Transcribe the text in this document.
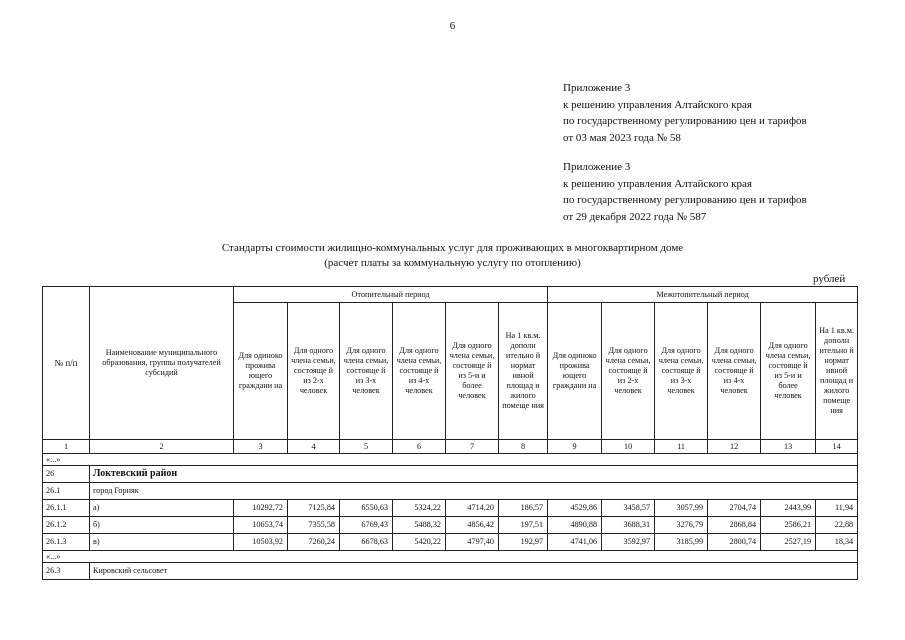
6
Приложение 3
к решению управления Алтайского края
по государственному регулированию цен и тарифов
от 03 мая 2023 года № 58
Приложение 3
к решению управления Алтайского края
по государственному регулированию цен и тарифов
от 29 декабря 2022 года № 587
Стандарты стоимости жилищно-коммунальных услуг для проживающих в многоквартирном доме
(расчет платы за коммунальную услугу по отоплению)
рублей
№ п/п	Наименование муниципального образования, группы получателей субсидий	Отопительный период						Межотопительный период					
		Для одиноко прожива ющего граждани на	Для одного члена семьи, состояще й из 2-х человек	Для одного члена семьи, состояще й из 3-х человек	Для одного члена семьи, состояще й из 4-х человек	Для одного члена семьи, состояще й из 5-и и более человек	На 1 кв.м. дополн ительно й нормат ивной площад и жилого помеще ния	Для одиноко прожива ющего граждани на	Для одного члена семьи, состояще й из 2-х человек	Для одного члена семьи, состояще й из 3-х человек	Для одного члена семьи, состояще й из 4-х человек	Для одного члена семьи, состояще й из 5-и и более человек	На 1 кв.м. дополн ительно й нормат ивной площад и жилого помеще ния
1	2	3	4	5	6	7	8	9	10	11	12	13	14
«...»													
26	Локтевский район												
26.1	город Горняк												
26.1.1	а)	10292,72	7125,84	6550,63	5324,22	4714,20	186,57	4529,86	3458,57	3057,99	2704,74	2443,99	11,94
26.1.2	б)	10653,74	7355,58	6769,43	5488,32	4856,42	197,51	4890,88	3688,31	3276,79	2868,84	2586,21	22,88
26.1.3	в)	10503,92	7260,24	6678,63	5420,22	4797,40	192,97	4741,06	3592,97	3185,99	2800,74	2527,19	18,34
«...»													
26.3	Кировский сельсовет												
